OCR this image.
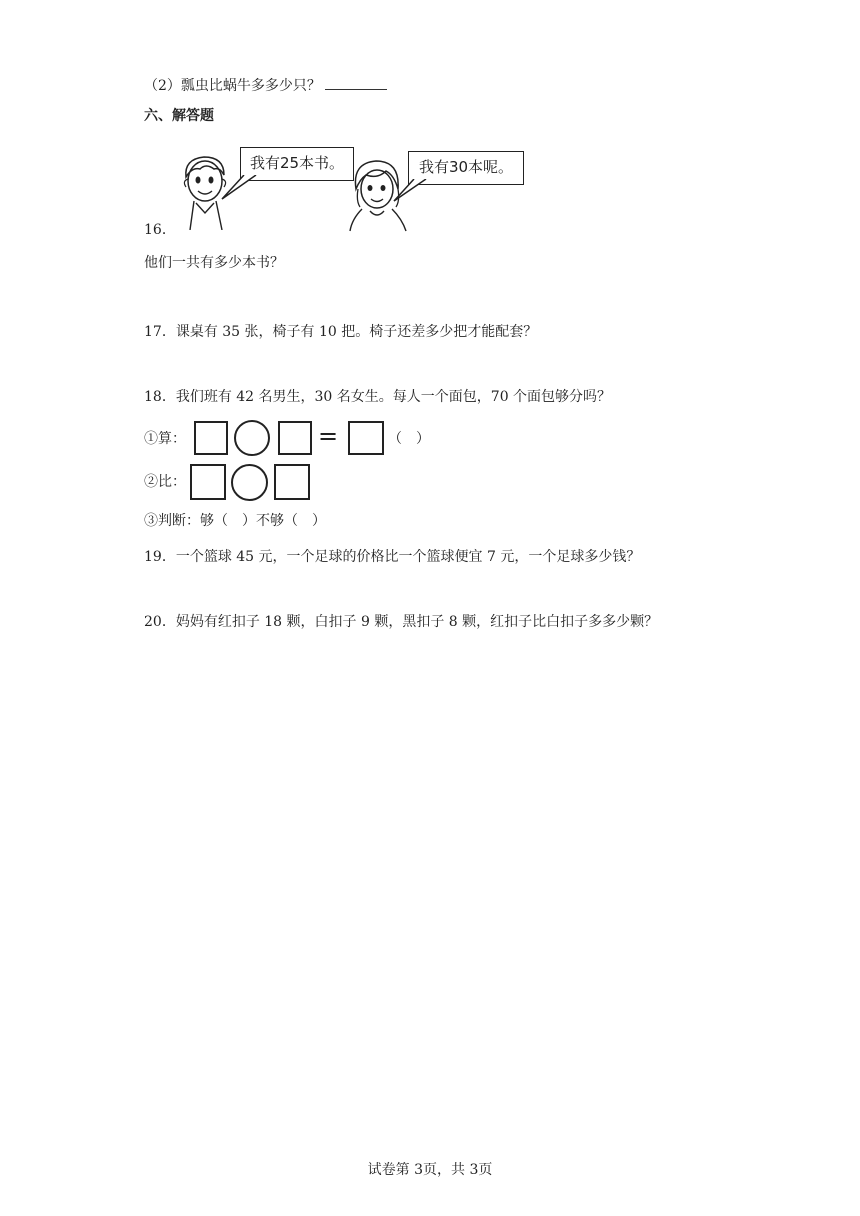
（2）瓢虫比蜗牛多多少只？
六、解答题
我有25本书。	我有30本呢。
16．
他们一共有多少本书？
17．课桌有 35 张，椅子有 10 把。椅子还差多少把才能配套？
18．我们班有 42 名男生，30 名女生。每人一个面包，70 个面包够分吗？
①算：	=	（　）
②比：
③判断：够（　）不够（　）
19．一个篮球 45 元，一个足球的价格比一个篮球便宜 7 元，一个足球多少钱？
20．妈妈有红扣子 18 颗，白扣子 9 颗，黑扣子 8 颗，红扣子比白扣子多多少颗？
试卷第 3页，共 3页
